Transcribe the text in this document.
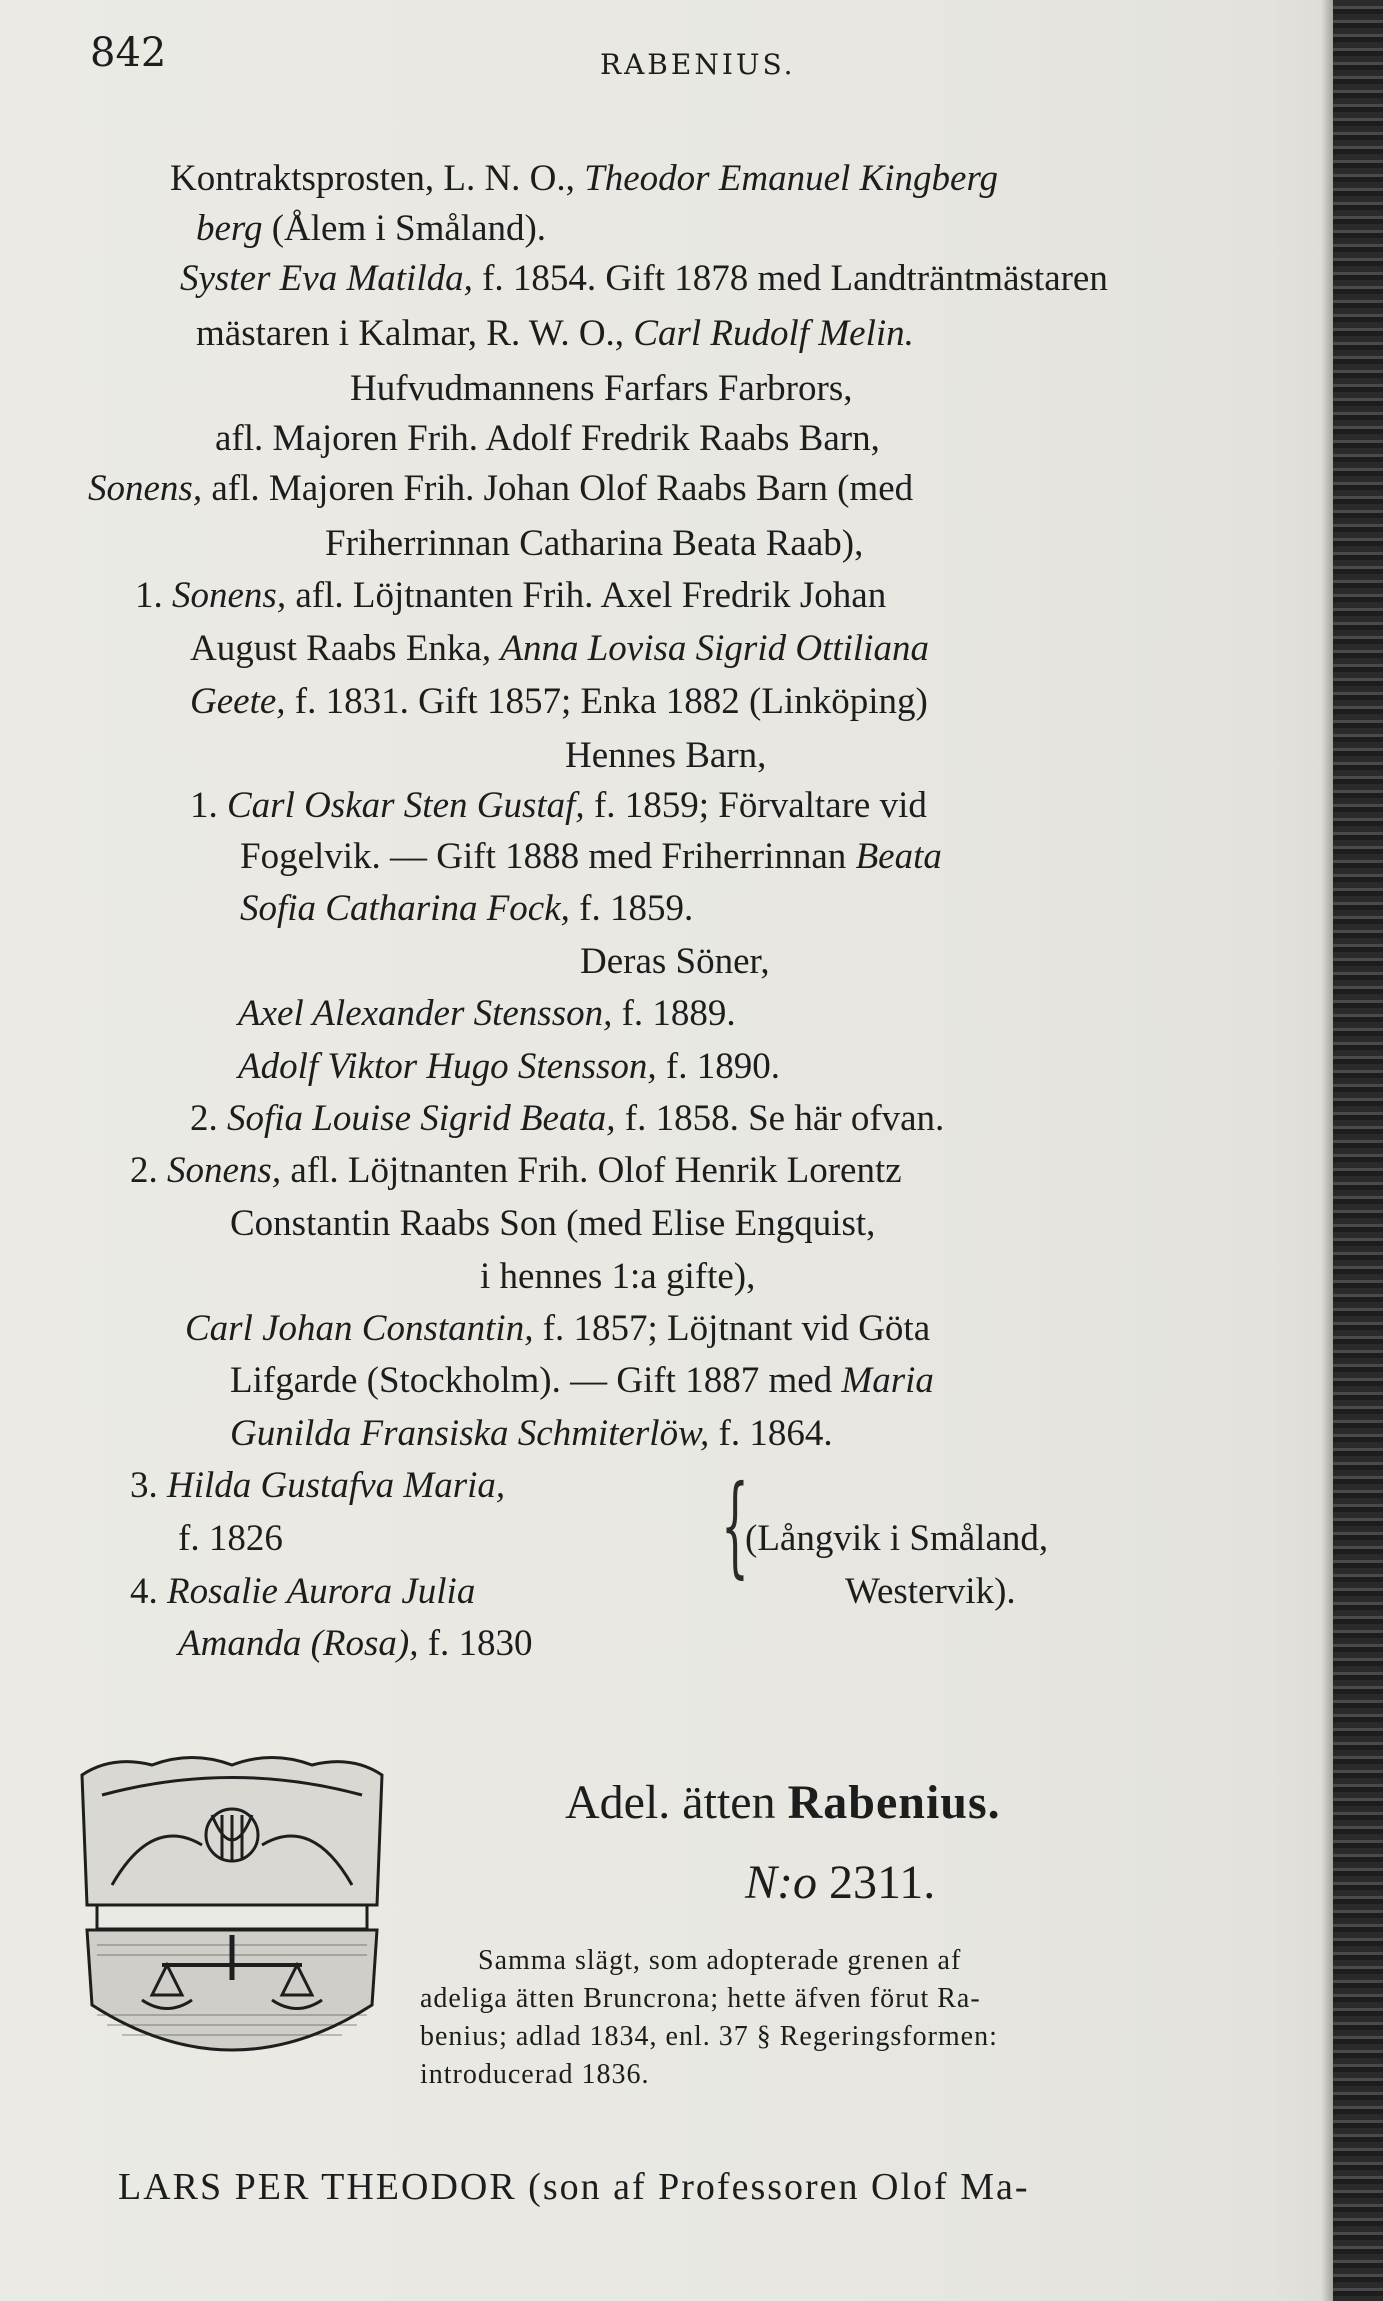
842	RABENIUS.
Kontraktsprosten, L. N. O., Theodor Emanuel Kingberg
berg (Ålem i Småland).
Syster Eva Matilda, f. 1854. Gift 1878 med Landträntmästaren
mästaren i Kalmar, R. W. O., Carl Rudolf Melin.
Hufvudmannens Farfars Farbrors,
afl. Majoren Frih. Adolf Fredrik Raabs Barn,
Sonens, afl. Majoren Frih. Johan Olof Raabs Barn (med
Friherrinnan Catharina Beata Raab),
1. Sonens, afl. Löjtnanten Frih. Axel Fredrik Johan
August Raabs Enka, Anna Lovisa Sigrid Ottiliana
Geete, f. 1831. Gift 1857; Enka 1882 (Linköping)
Hennes Barn,
1. Carl Oskar Sten Gustaf, f. 1859; Förvaltare vid
Fogelvik. — Gift 1888 med Friherrinnan Beata
Sofia Catharina Fock, f. 1859.
Deras Söner,
Axel Alexander Stensson, f. 1889.
Adolf Viktor Hugo Stensson, f. 1890.
2. Sofia Louise Sigrid Beata, f. 1858. Se här ofvan.
2. Sonens, afl. Löjtnanten Frih. Olof Henrik Lorentz
Constantin Raabs Son (med Elise Engquist,
i hennes 1:a gifte),
Carl Johan Constantin, f. 1857; Löjtnant vid Göta
Lifgarde (Stockholm). — Gift 1887 med Maria
Gunilda Fransiska Schmiterlöw, f. 1864.
3. Hilda Gustafva Maria,
f. 1826	(Långvik i Småland,
4. Rosalie Aurora Julia	Westervik).
Amanda (Rosa), f. 1830
{
Adel. ätten Rabenius.
N:o 2311.
Samma slägt, som adopterade grenen af
adeliga ätten Bruncrona; hette äfven förut Ra-
benius; adlad 1834, enl. 37 § Regeringsformen:
introducerad 1836.
LARS PER THEODOR (son af Professoren Olof Ma-
